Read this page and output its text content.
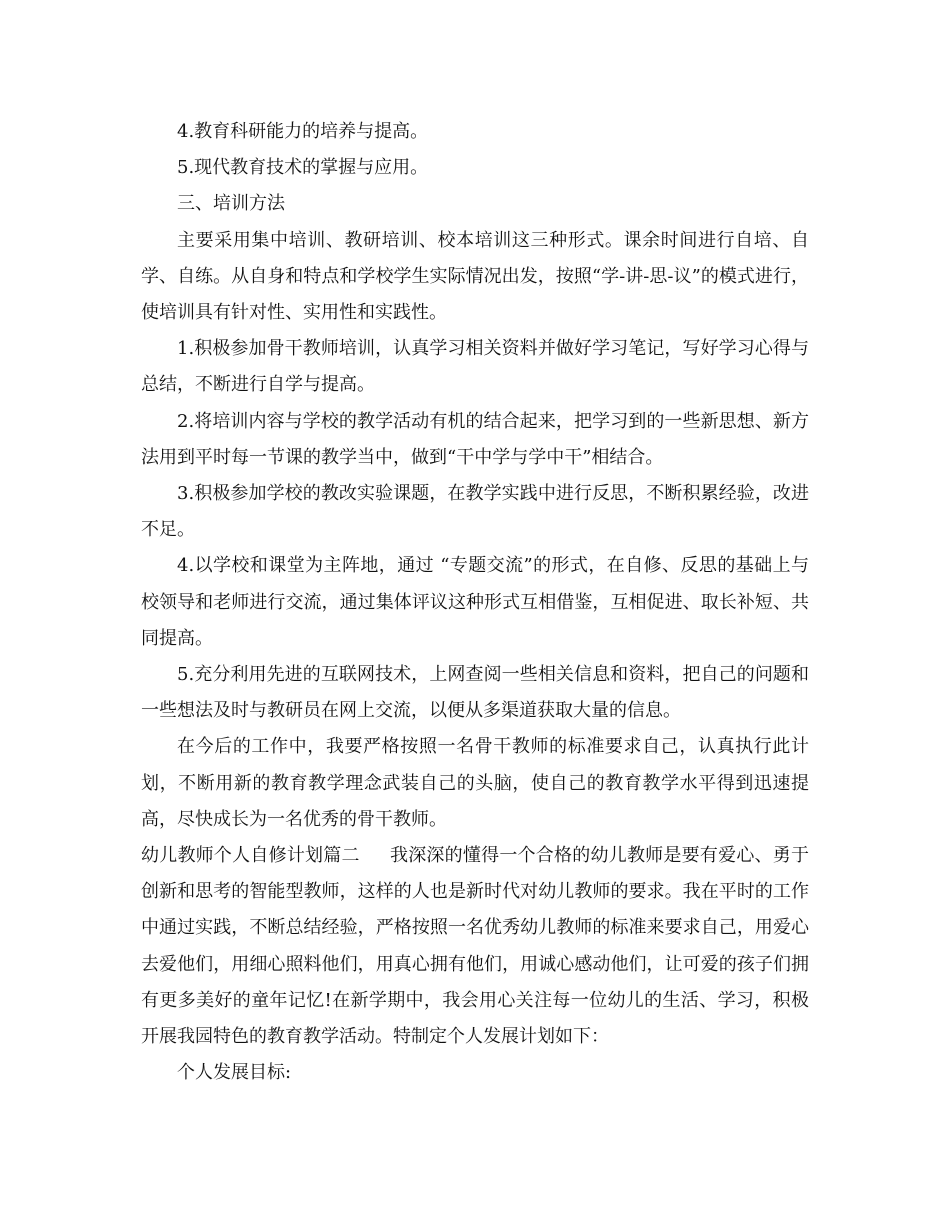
4.教育科研能力的培养与提高。

5.现代教育技术的掌握与应用。

三、培训方法

主要采用集中培训、教研培训、校本培训这三种形式。课余时间进行自培、自学、自练。从自身和特点和学校学生实际情况出发，按照“学-讲-思-议”的模式进行，使培训具有针对性、实用性和实践性。

1.积极参加骨干教师培训，认真学习相关资料并做好学习笔记，写好学习心得与总结，不断进行自学与提高。

2.将培训内容与学校的教学活动有机的结合起来，把学习到的一些新思想、新方法用到平时每一节课的教学当中，做到“干中学与学中干”相结合。

3.积极参加学校的教改实验课题，在教学实践中进行反思，不断积累经验，改进不足。

4.以学校和课堂为主阵地，通过 “专题交流”的形式，在自修、反思的基础上与校领导和老师进行交流，通过集体评议这种形式互相借鉴，互相促进、取长补短、共同提高。

5.充分利用先进的互联网技术，上网查阅一些相关信息和资料，把自己的问题和一些想法及时与教研员在网上交流，以便从多渠道获取大量的信息。

在今后的工作中，我要严格按照一名骨干教师的标准要求自己，认真执行此计划，不断用新的教育教学理念武装自己的头脑，使自己的教育教学水平得到迅速提高，尽快成长为一名优秀的骨干教师。

幼儿教师个人自修计划篇二 我深深的懂得一个合格的幼儿教师是要有爱心、勇于创新和思考的智能型教师，这样的人也是新时代对幼儿教师的要求。我在平时的工作中通过实践，不断总结经验，严格按照一名优秀幼儿教师的标准来要求自己，用爱心去爱他们，用细心照料他们，用真心拥有他们，用诚心感动他们，让可爱的孩子们拥有更多美好的童年记忆!在新学期中，我会用心关注每一位幼儿的生活、学习，积极开展我园特色的教育教学活动。特制定个人发展计划如下：

个人发展目标:
